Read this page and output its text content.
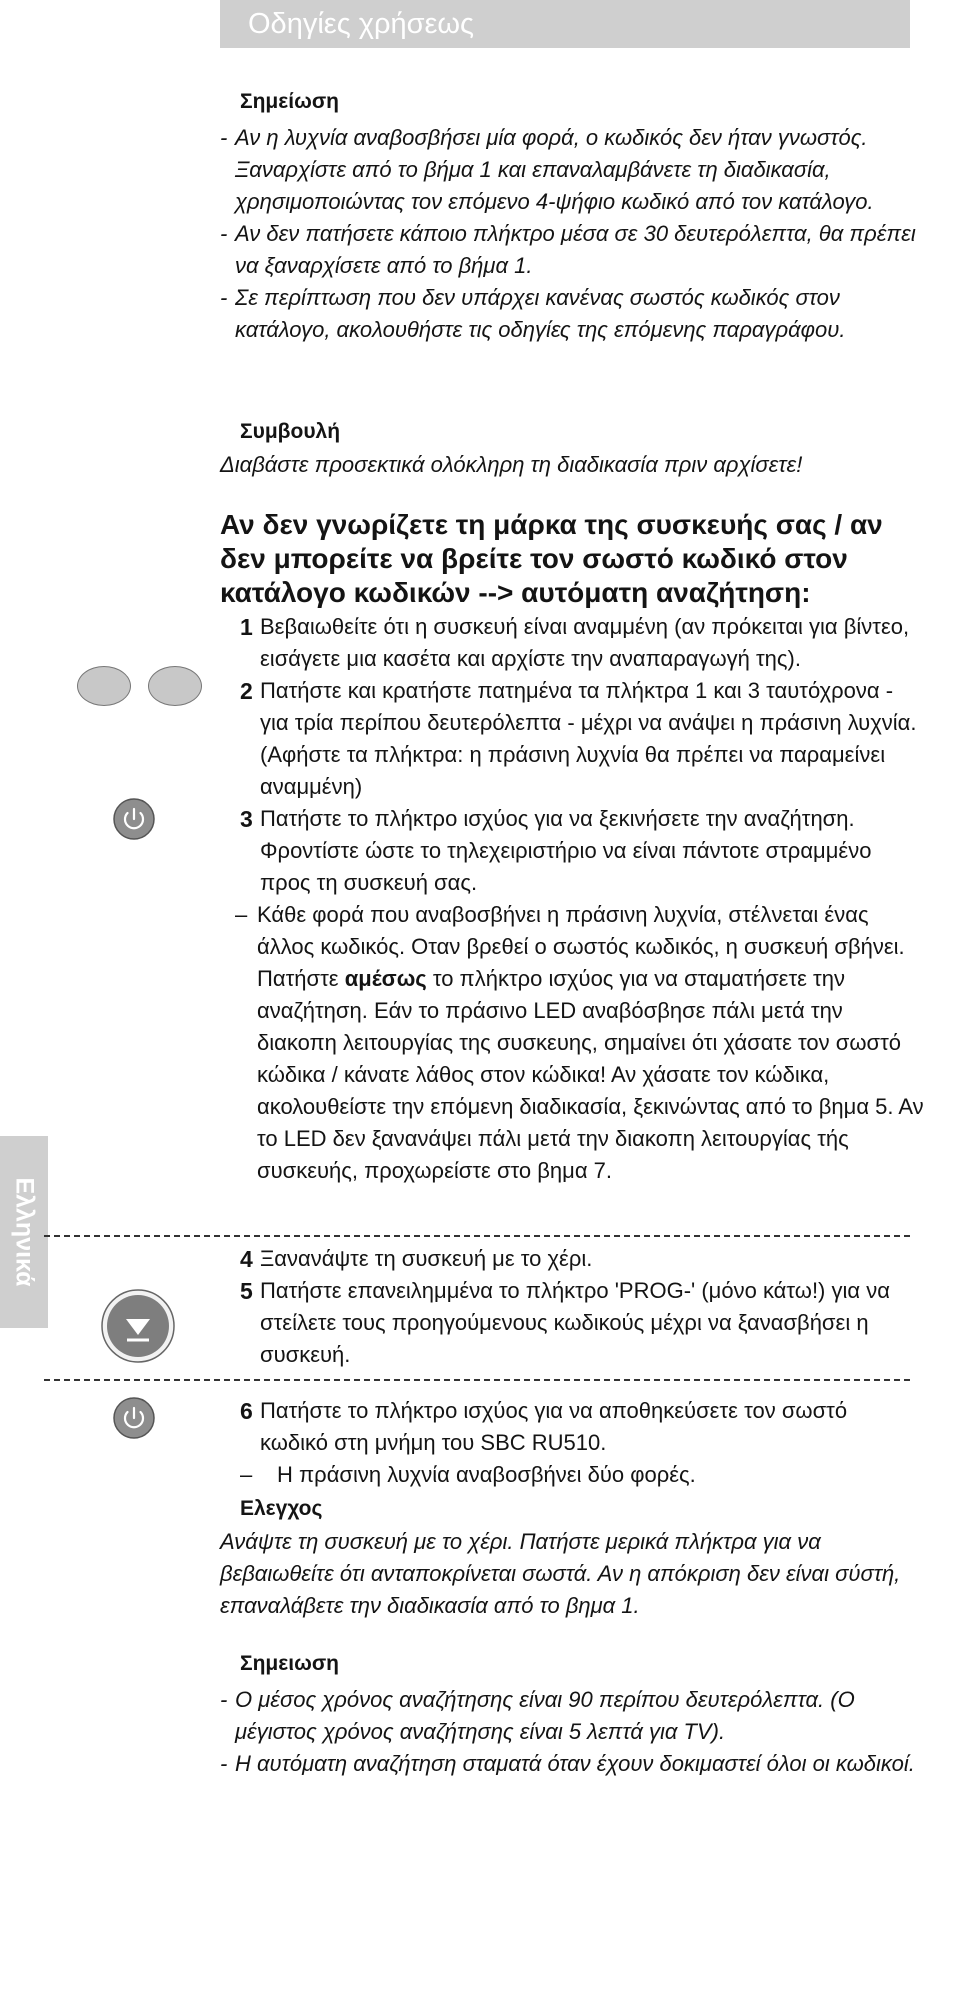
Οδηγίες χρήσεως
Ελληνικά
Σημείωση
- Αν η λυχνία αναβοσβήσει μία φορά, ο κωδικός δεν ήταν γνωστός. Ξαναρχίστε από το βήμα 1 και επαναλαμβάνετε τη διαδικασία, χρησιμοποιώντας τον επόμενο 4-ψήφιο κωδικό από τον κατάλογο.
- Αν δεν πατήσετε κάποιο πλήκτρο μέσα σε 30 δευτερόλεπτα, θα πρέπει να ξαναρχίσετε από το βήμα 1.
- Σε περίπτωση που δεν υπάρχει κανένας σωστός κωδικός στον κατάλογο, ακολουθήστε τις οδηγίες της επόμενης παραγράφου.
Συμβουλή
Διαβάστε προσεκτικά ολόκληρη τη διαδικασία πριν αρχίσετε!
Αν δεν γνωρίζετε τη μάρκα της συσκευής σας / αν δεν μπορείτε να βρείτε τον σωστό κωδικό στον κατάλογο κωδικών --> αυτόματη αναζήτηση:
1 Βεβαιωθείτε ότι η συσκευή είναι αναμμένη (αν πρόκειται για βίντεο, εισάγετε μια κασέτα και αρχίστε την αναπαραγωγή της).
2 Πατήστε και κρατήστε πατημένα τα πλήκτρα 1 και 3 ταυτόχρονα - για τρία περίπου δευτερόλεπτα - μέχρι να ανάψει η πράσινη λυχνία. (Αφήστε τα πλήκτρα: η πράσινη λυχνία θα πρέπει να παραμείνει αναμμένη)
3 Πατήστε το πλήκτρο ισχύος για να ξεκινήσετε την αναζήτηση. Φροντίστε ώστε το τηλεχειριστήριο να είναι πάντοτε στραμμένο προς τη συσκευή σας.
– Κάθε φορά που αναβοσβήνει η πράσινη λυχνία, στέλνεται ένας άλλος κωδικός. Οταν βρεθεί ο σωστός κωδικός, η συσκευή σβήνει. Πατήστε αμέσως το πλήκτρο ισχύος για να σταματήσετε την αναζήτηση. Εάν το πράσινο LED αναβόσβησε πάλι μετά την διακοπη λειτουργίας της συσκευης, σημαίνει ότι χάσατε τον σωστό κώδικα / κάνατε λάθος στον κώδικα! Αν χάσατε τον κώδικα, ακολουθείστε την επόμενη διαδικασία, ξεκινώντας από το βημα 5. Αν το LED δεν ξανανάψει πάλι μετά την διακοπη λειτουργίας τής συσκευής, προχωρείστε στο βημα 7.
4 Ξανανάψτε τη συσκευή με το χέρι.
5 Πατήστε επανειλημμένα το πλήκτρο 'PROG-' (μόνο κάτω!) για να στείλετε τους προηγούμενους κωδικούς μέχρι να ξανασβήσει η συσκευή.
6 Πατήστε το πλήκτρο ισχύος για να αποθηκεύσετε τον σωστό κωδικό στη μνήμη του SBC RU510.
–	Η πράσινη λυχνία αναβοσβήνει δύο φορές.
Ελεγχος
Ανάψτε τη συσκευή με το χέρι. Πατήστε μερικά πλήκτρα για να βεβαιωθείτε ότι ανταποκρίνεται σωστά. Αν η απόκριση δεν είναι σύστή, επαναλάβετε την διαδικασία από το βημα 1.
Σημειωση
- Ο μέσος χρόνος αναζήτησης είναι 90 περίπου δευτερόλεπτα. (Ο μέγιστος χρόνος αναζήτησης είναι 5 λεπτά για TV).
- Η αυτόματη αναζήτηση σταματά όταν έχουν δοκιμαστεί όλοι οι κωδικοί.
